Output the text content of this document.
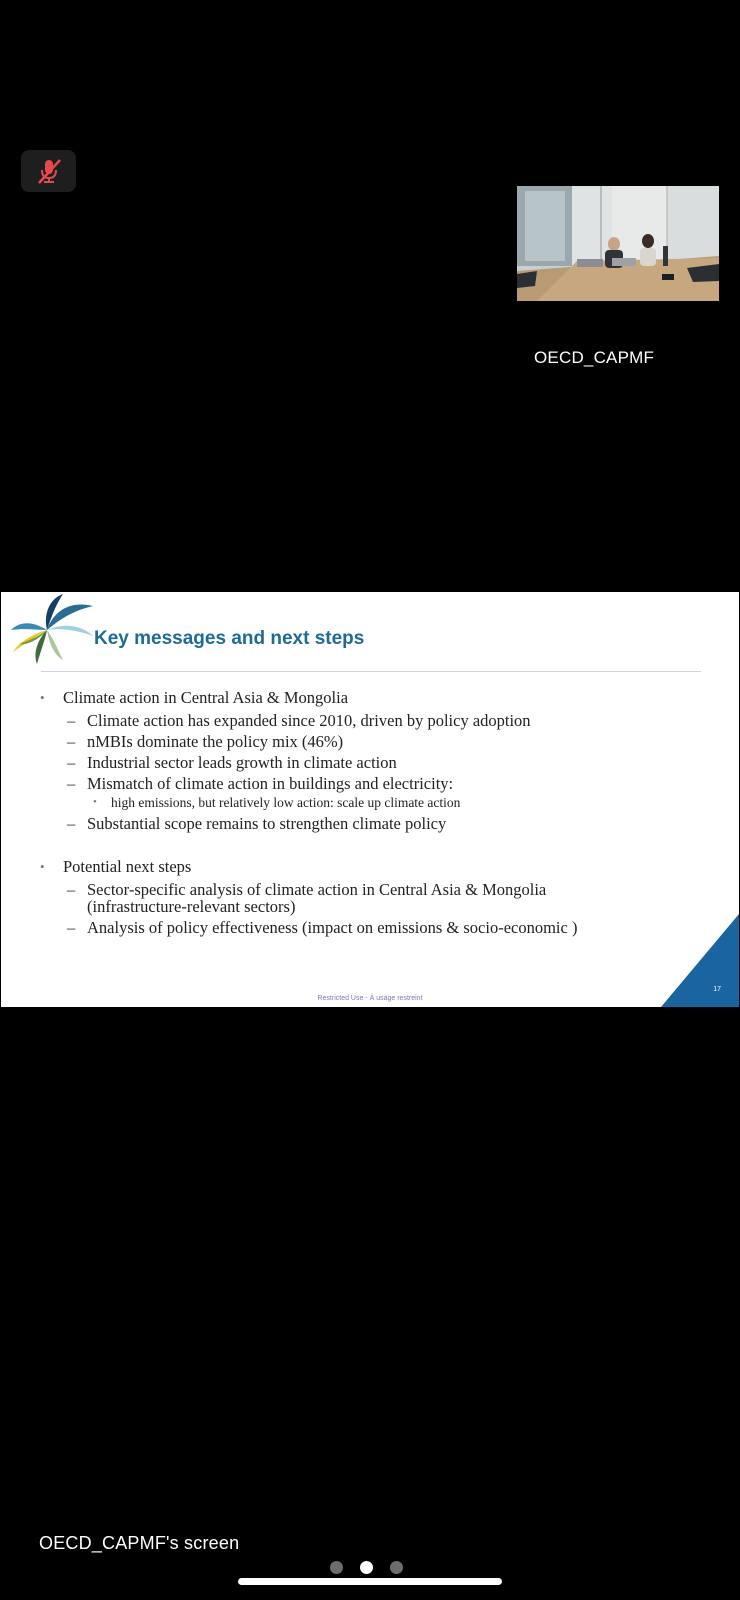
OECD_CAPMF
Key messages and next steps
• Climate action in Central Asia & Mongolia
– Climate action has expanded since 2010, driven by policy adoption
– nMBIs dominate the policy mix (46%)
– Industrial sector leads growth in climate action
– Mismatch of climate action in buildings and electricity:
• high emissions, but relatively low action: scale up climate action
– Substantial scope remains to strengthen climate policy
• Potential next steps
– Sector-specific analysis of climate action in Central Asia & Mongolia (infrastructure-relevant sectors)
– Analysis of policy effectiveness (impact on emissions & socio-economic )
Restricted Use - À usage restreint
17
OECD_CAPMF's screen
